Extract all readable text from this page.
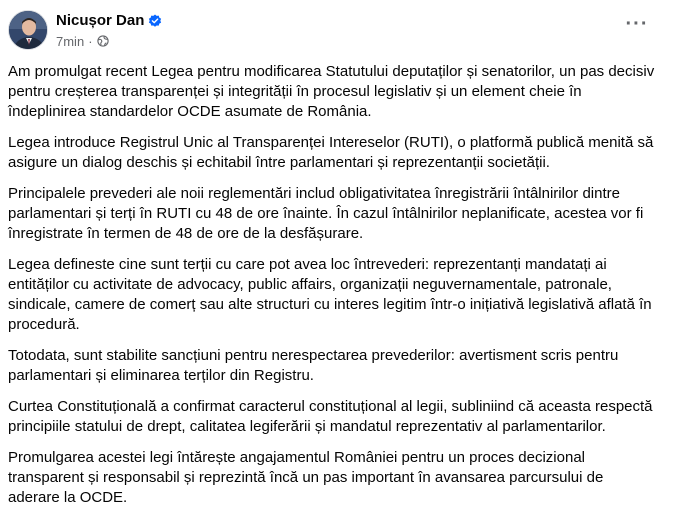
Nicușor Dan
7min ·
···

Am promulgat recent Legea pentru modificarea Statutului deputaților și senatorilor, un pas decisiv pentru creșterea transparenței și integrității în procesul legislativ și un element cheie în îndeplinirea standardelor OCDE asumate de România.

Legea introduce Registrul Unic al Transparenței Intereselor (RUTI), o platformă publică menită să asigure un dialog deschis și echitabil între parlamentari și reprezentanții societății.

Principalele prevederi ale noii reglementări includ obligativitatea înregistrării întâlnirilor dintre parlamentari și terți în RUTI cu 48 de ore înainte. În cazul întâlnirilor neplanificate, acestea vor fi înregistrate în termen de 48 de ore de la desfășurare.

Legea defineste cine sunt terții cu care pot avea loc întrevederi: reprezentanți mandatați ai entităților cu activitate de advocacy, public affairs, organizații neguvernamentale, patronale, sindicale, camere de comerț sau alte structuri cu interes legitim într-o inițiativă legislativă aflată în procedură.

Totodata, sunt stabilite sancțiuni pentru nerespectarea prevederilor: avertisment scris pentru parlamentari și eliminarea terților din Registru.

Curtea Constituțională a confirmat caracterul constituțional al legii, subliniind că aceasta respectă principiile statului de drept, calitatea legiferării și mandatul reprezentativ al parlamentarilor.

Promulgarea acestei legi întărește angajamentul României pentru un proces decizional transparent și responsabil și reprezintă încă un pas important în avansarea parcursului de aderare la OCDE.
